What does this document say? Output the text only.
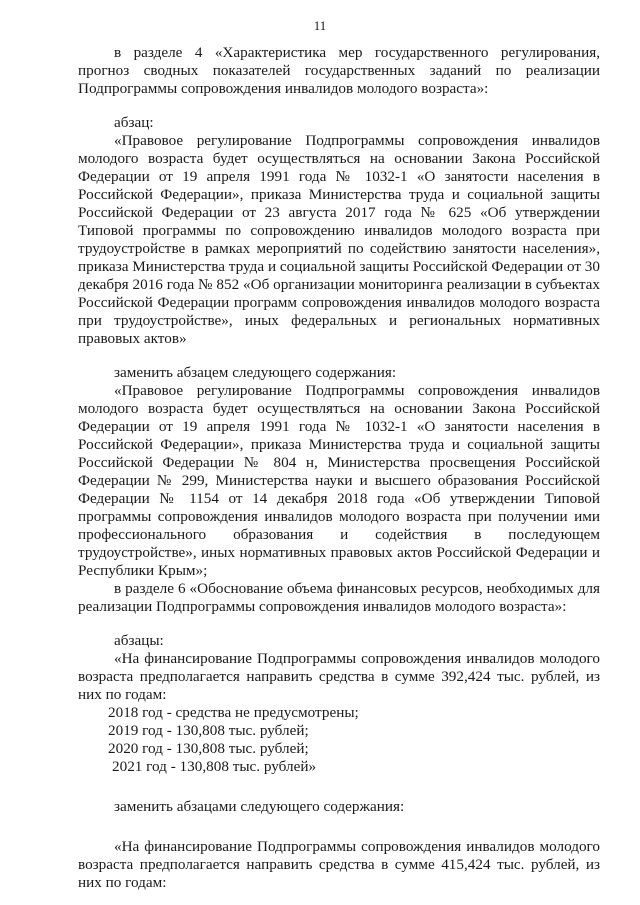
11

в разделе 4 «Характеристика мер государственного регулирования, прогноз сводных показателей государственных заданий по реализации Подпрограммы сопровождения инвалидов молодого возраста»:

абзац:

«Правовое регулирование Подпрограммы сопровождения инвалидов молодого возраста будет осуществляться на основании Закона Российской Федерации от 19 апреля 1991 года № 1032-1 «О занятости населения в Российской Федерации», приказа Министерства труда и социальной защиты Российской Федерации от 23 августа 2017 года № 625 «Об утверждении Типовой программы по сопровождению инвалидов молодого возраста при трудоустройстве в рамках мероприятий по содействию занятости населения», приказа Министерства труда и социальной защиты Российской Федерации от 30 декабря 2016 года № 852 «Об организации мониторинга реализации в субъектах Российской Федерации программ сопровождения инвалидов молодого возраста при трудоустройстве», иных федеральных и региональных нормативных правовых актов»

заменить абзацем следующего содержания:

«Правовое регулирование Подпрограммы сопровождения инвалидов молодого возраста будет осуществляться на основании Закона Российской Федерации от 19 апреля 1991 года № 1032-1 «О занятости населения в Российской Федерации», приказа Министерства труда и социальной защиты Российской Федерации № 804 н, Министерства просвещения Российской Федерации № 299, Министерства науки и высшего образования Российской Федерации № 1154 от 14 декабря 2018 года «Об утверждении Типовой программы сопровождения инвалидов молодого возраста при получении ими профессионального образования и содействия в последующем трудоустройстве», иных нормативных правовых актов Российской Федерации и Республики Крым»;

в разделе 6 «Обоснование объема финансовых ресурсов, необходимых для реализации Подпрограммы сопровождения инвалидов молодого возраста»:

абзацы:

«На финансирование Подпрограммы сопровождения инвалидов молодого возраста предполагается направить средства в сумме 392,424 тыс. рублей, из них по годам:

2018 год - средства не предусмотрены;
2019 год - 130,808 тыс. рублей;
2020 год - 130,808 тыс. рублей;
2021 год - 130,808 тыс. рублей»

заменить абзацами следующего содержания:

«На финансирование Подпрограммы сопровождения инвалидов молодого возраста предполагается направить средства в сумме 415,424 тыс. рублей, из них по годам:
